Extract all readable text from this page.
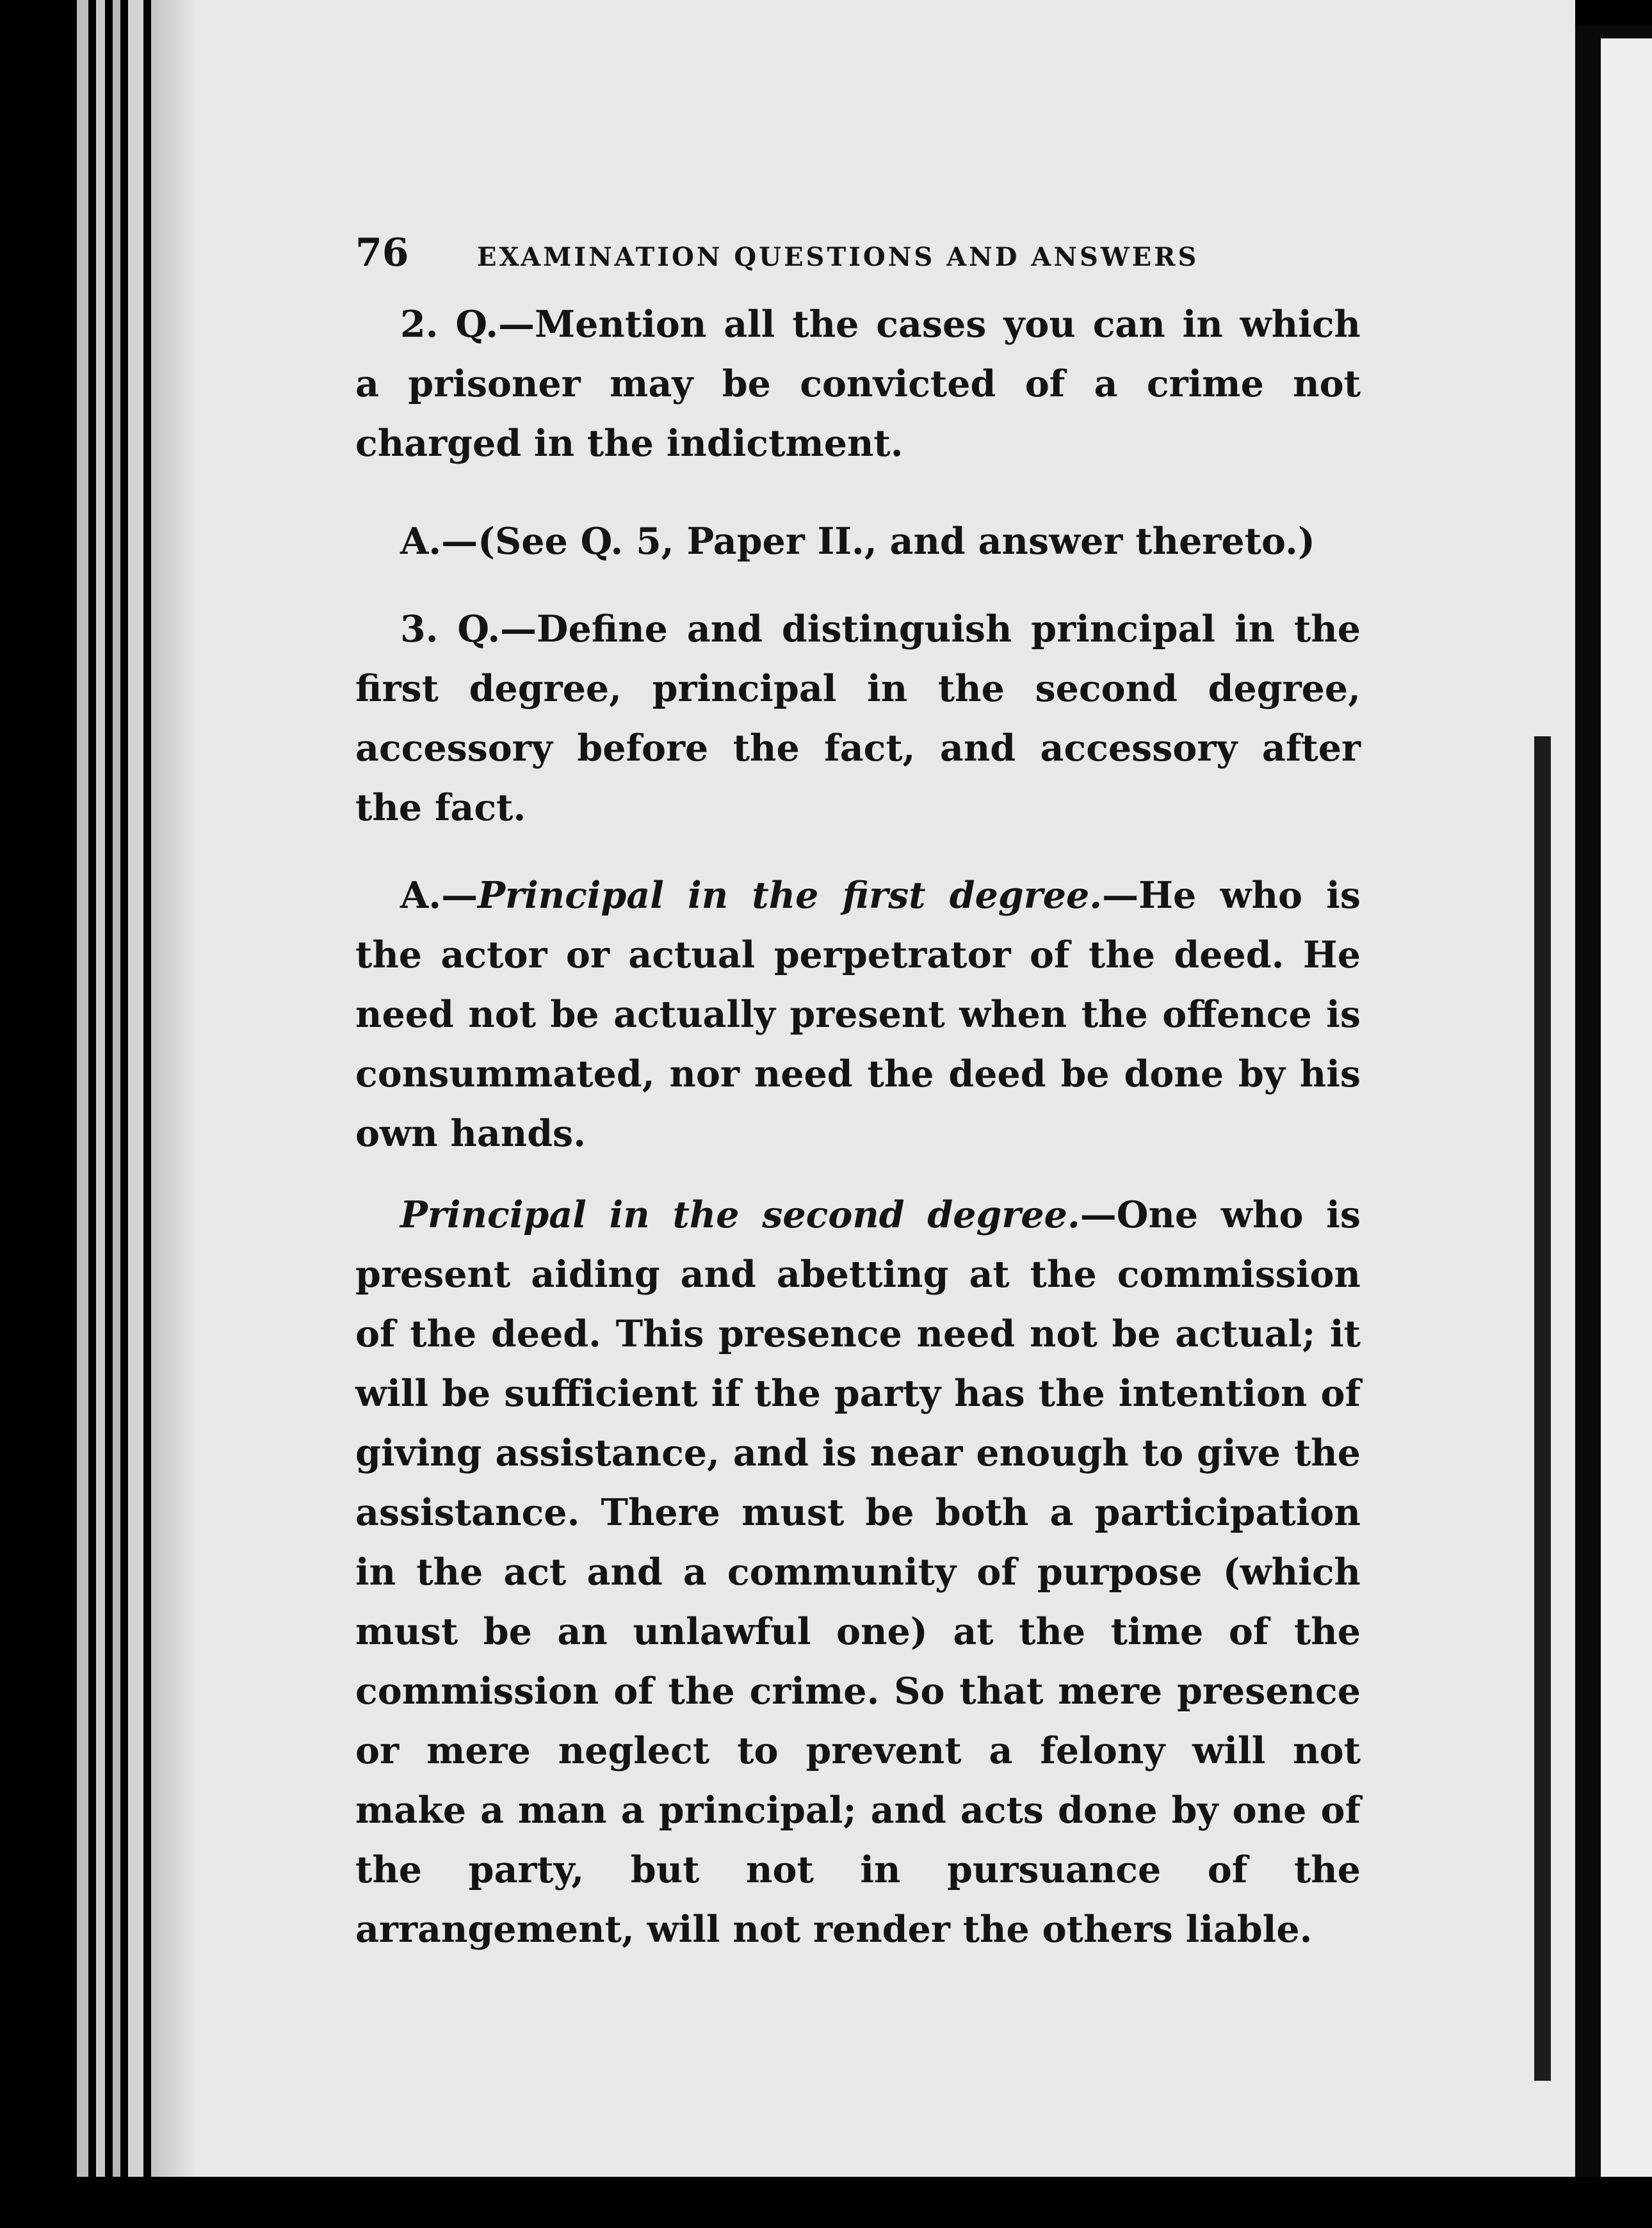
76	EXAMINATION QUESTIONS AND ANSWERS

2. Q.—Mention all the cases you can in which a prisoner may be convicted of a crime not charged in the indictment.

A.—(See Q. 5, Paper II., and answer thereto.)

3. Q.—Define and distinguish principal in the first degree, principal in the second degree, accessory before the fact, and accessory after the fact.

A.—Principal in the first degree.—He who is the actor or actual perpetrator of the deed. He need not be actually present when the offence is consummated, nor need the deed be done by his own hands.

Principal in the second degree.—One who is present aiding and abetting at the commission of the deed. This presence need not be actual; it will be sufficient if the party has the intention of giving assistance, and is near enough to give the assistance. There must be both a participation in the act and a community of purpose (which must be an unlawful one) at the time of the commission of the crime. So that mere presence or mere neglect to prevent a felony will not make a man a principal; and acts done by one of the party, but not in pursuance of the arrangement, will not render the others liable.
